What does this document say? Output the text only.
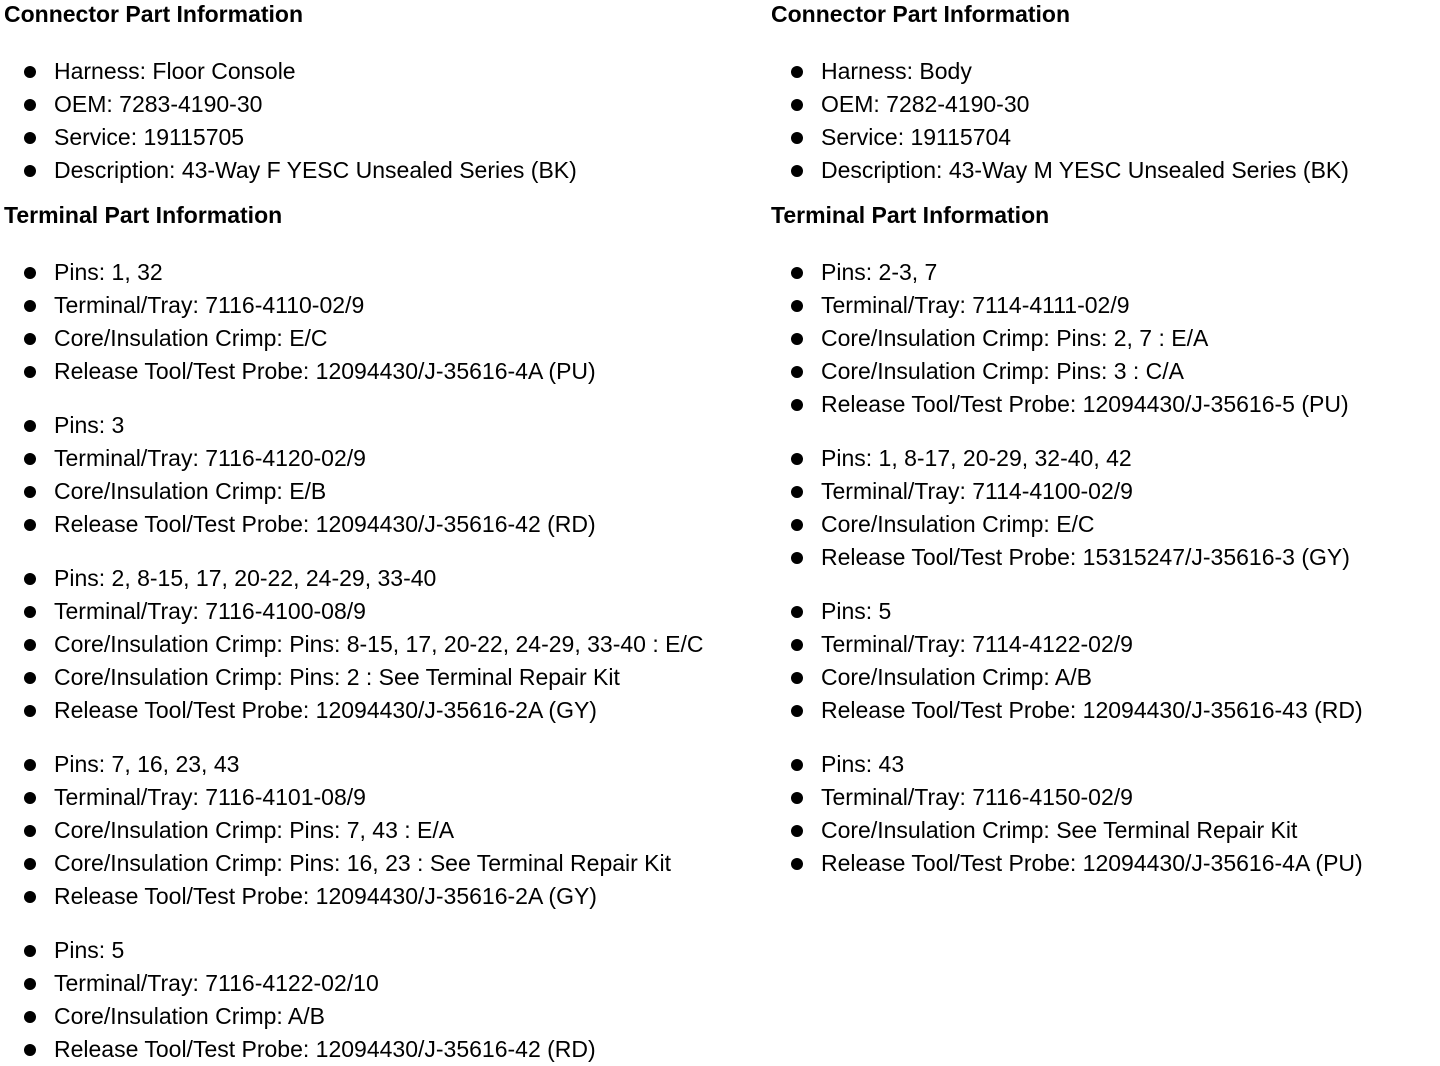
Connector Part Information
Harness: Floor Console
OEM: 7283-4190-30
Service: 19115705
Description: 43-Way F YESC Unsealed Series (BK)
Terminal Part Information
Pins: 1, 32
Terminal/Tray: 7116-4110-02/9
Core/Insulation Crimp: E/C
Release Tool/Test Probe: 12094430/J-35616-4A (PU)
Pins: 3
Terminal/Tray: 7116-4120-02/9
Core/Insulation Crimp: E/B
Release Tool/Test Probe: 12094430/J-35616-42 (RD)
Pins: 2, 8-15, 17, 20-22, 24-29, 33-40
Terminal/Tray: 7116-4100-08/9
Core/Insulation Crimp: Pins: 8-15, 17, 20-22, 24-29, 33-40 : E/C
Core/Insulation Crimp: Pins: 2 : See Terminal Repair Kit
Release Tool/Test Probe: 12094430/J-35616-2A (GY)
Pins: 7, 16, 23, 43
Terminal/Tray: 7116-4101-08/9
Core/Insulation Crimp: Pins: 7, 43 : E/A
Core/Insulation Crimp: Pins: 16, 23 : See Terminal Repair Kit
Release Tool/Test Probe: 12094430/J-35616-2A (GY)
Pins: 5
Terminal/Tray: 7116-4122-02/10
Core/Insulation Crimp: A/B
Release Tool/Test Probe: 12094430/J-35616-42 (RD)
Connector Part Information
Harness: Body
OEM: 7282-4190-30
Service: 19115704
Description: 43-Way M YESC Unsealed Series (BK)
Terminal Part Information
Pins: 2-3, 7
Terminal/Tray: 7114-4111-02/9
Core/Insulation Crimp: Pins: 2, 7 : E/A
Core/Insulation Crimp: Pins: 3 : C/A
Release Tool/Test Probe: 12094430/J-35616-5 (PU)
Pins: 1, 8-17, 20-29, 32-40, 42
Terminal/Tray: 7114-4100-02/9
Core/Insulation Crimp: E/C
Release Tool/Test Probe: 15315247/J-35616-3 (GY)
Pins: 5
Terminal/Tray: 7114-4122-02/9
Core/Insulation Crimp: A/B
Release Tool/Test Probe: 12094430/J-35616-43 (RD)
Pins: 43
Terminal/Tray: 7116-4150-02/9
Core/Insulation Crimp: See Terminal Repair Kit
Release Tool/Test Probe: 12094430/J-35616-4A (PU)
